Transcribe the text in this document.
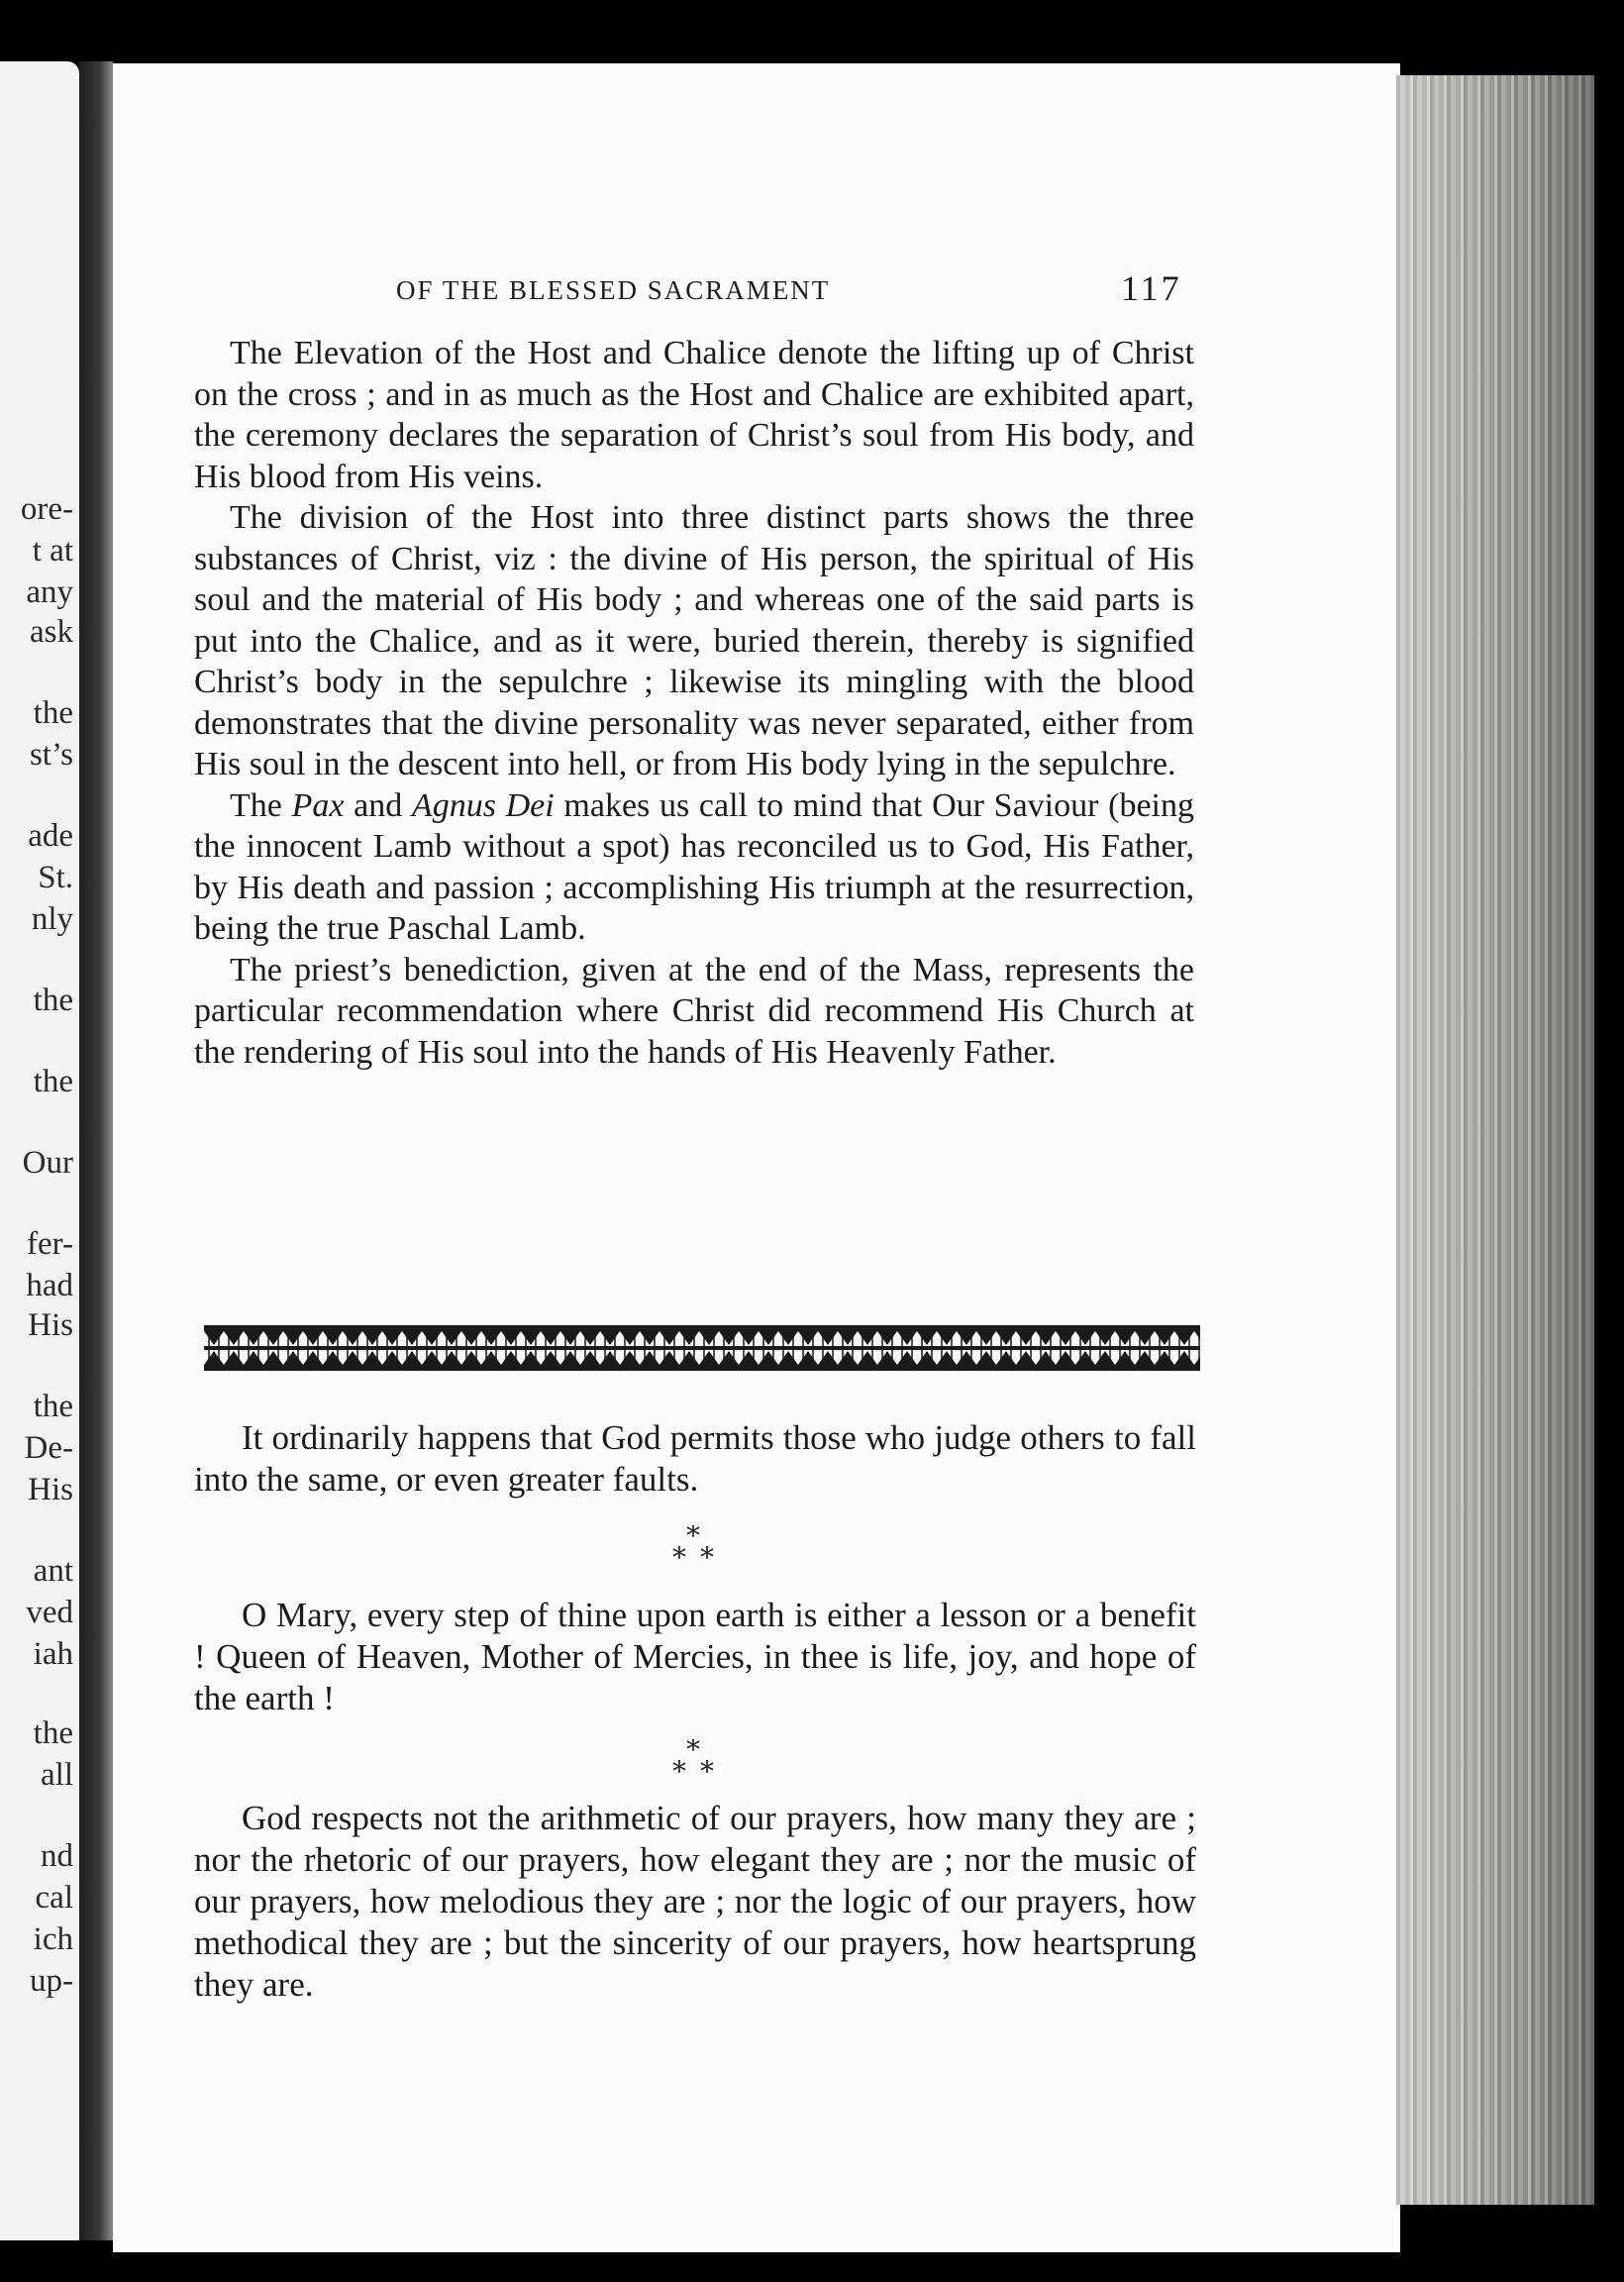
ore-
t at
any
ask
the
st’s
ade
St.
nly
the
the
Our
fer-
had
His
the
De-
His
ant
ved
iah
the
all
nd
cal
ich
up-
OF THE BLESSED SACRAMENT	117

The Elevation of the Host and Chalice denote the lifting up of Christ on the cross ; and in as much as the Host and Chalice are exhibited apart, the ceremony declares the separation of Christ’s soul from His body, and His blood from His veins.

The division of the Host into three distinct parts shows the three substances of Christ, viz : the divine of His person, the spiritual of His soul and the material of His body ; and whereas one of the said parts is put into the Chalice, and as it were, buried therein, thereby is signified Christ’s body in the sepulchre ; likewise its mingling with the blood demonstrates that the divine personality was never separated, either from His soul in the descent into hell, or from His body lying in the sepulchre.

The Pax and Agnus Dei makes us call to mind that Our Saviour (being the innocent Lamb without a spot) has reconciled us to God, His Father, by His death and passion ; accomplishing His triumph at the resurrection, being the true Paschal Lamb.

The priest’s benediction, given at the end of the Mass, represents the particular recommendation where Christ did recommend His Church at the rendering of His soul into the hands of His Heavenly Father.

It ordinarily happens that God permits those who judge others to fall into the same, or even greater faults.

*
* *

O Mary, every step of thine upon earth is either a lesson or a benefit ! Queen of Heaven, Mother of Mercies, in thee is life, joy, and hope of the earth !

*
* *

God respects not the arithmetic of our prayers, how many they are ; nor the rhetoric of our prayers, how elegant they are ; nor the music of our prayers, how melodious they are ; nor the logic of our prayers, how methodical they are ; but the sincerity of our prayers, how heartsprung they are.
